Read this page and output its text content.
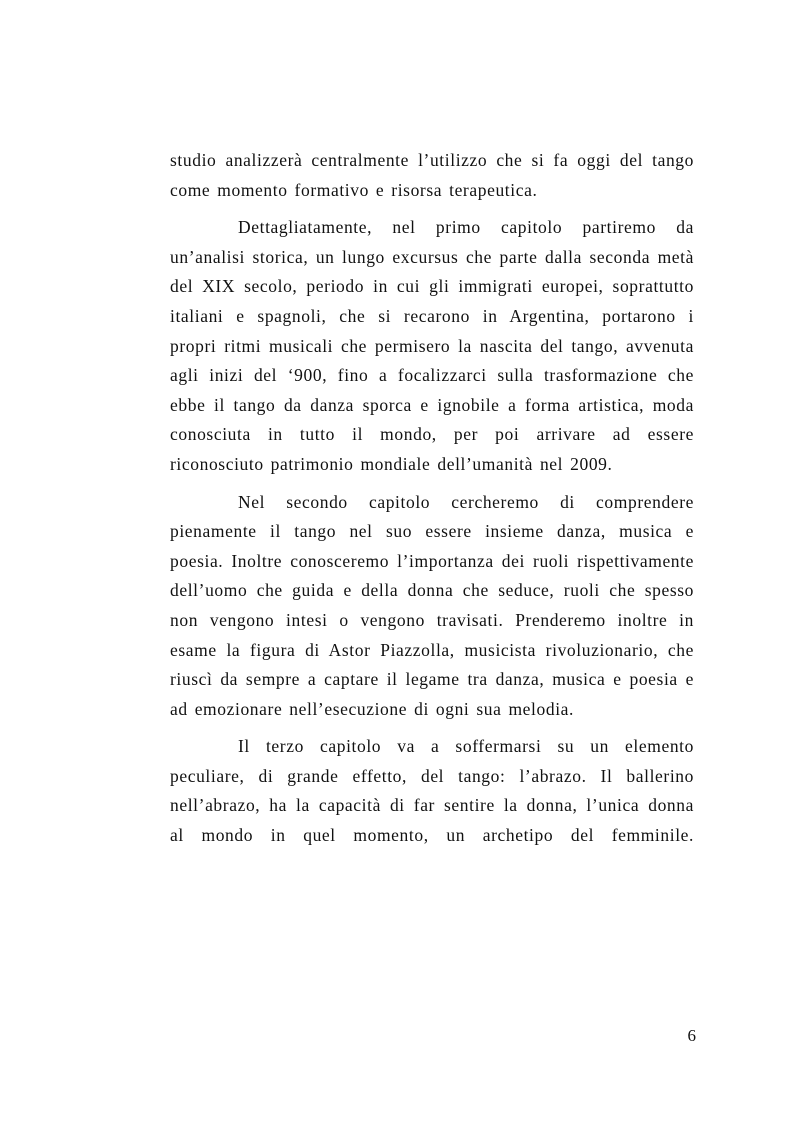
studio analizzerà centralmente l’utilizzo che si fa oggi del tango come momento formativo e risorsa terapeutica.

Dettagliatamente, nel primo capitolo partiremo da un’analisi storica, un lungo excursus che parte dalla seconda metà del XIX secolo, periodo in cui gli immigrati europei, soprattutto italiani e spagnoli, che si recarono in Argentina, portarono i propri ritmi musicali che permisero la nascita del tango, avvenuta agli inizi del ‘900, fino a focalizzarci sulla trasformazione che ebbe il tango da danza sporca e ignobile a forma artistica, moda conosciuta in tutto il mondo, per poi arrivare ad essere riconosciuto patrimonio mondiale dell’umanità nel 2009.

Nel secondo capitolo cercheremo di comprendere pienamente il tango nel suo essere insieme danza, musica e poesia. Inoltre conosceremo l’importanza dei ruoli rispettivamente dell’uomo che guida e della donna che seduce, ruoli che spesso non vengono intesi o vengono travisati. Prenderemo inoltre in esame la figura di Astor Piazzolla, musicista rivoluzionario, che riuscì da sempre a captare il legame tra danza, musica e poesia e ad emozionare nell’esecuzione di ogni sua melodia.

Il terzo capitolo va a soffermarsi su un elemento peculiare, di grande effetto, del tango: l’abrazo. Il ballerino nell’abrazo, ha la capacità di far sentire la donna, l’unica donna al mondo in quel momento, un archetipo del femminile.

6
